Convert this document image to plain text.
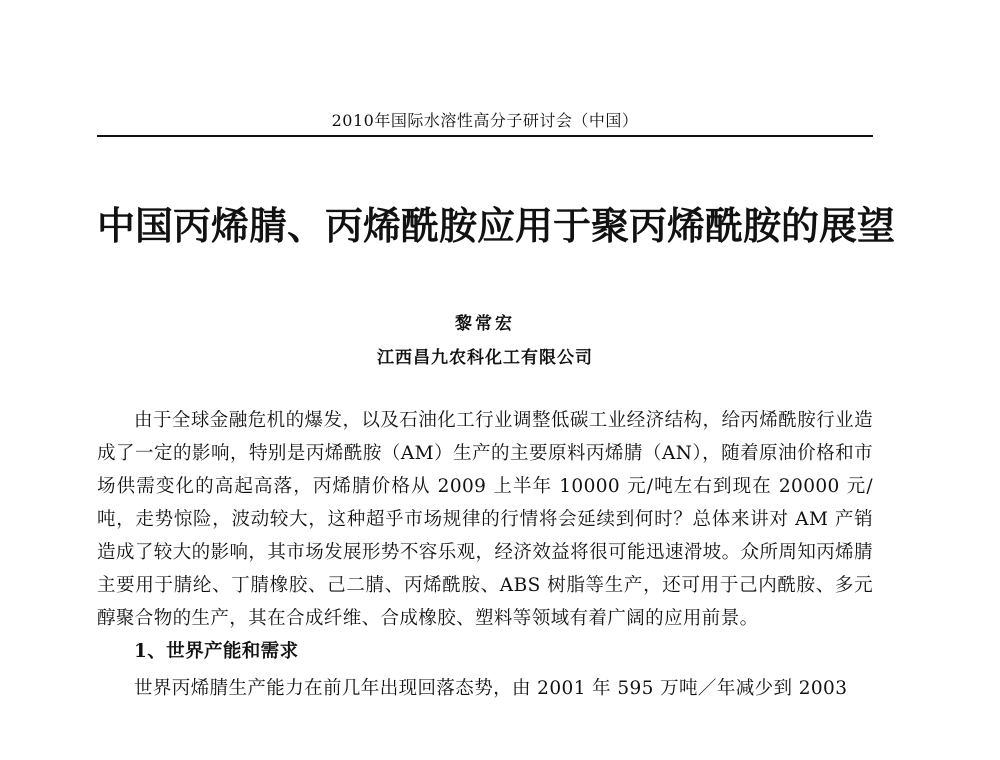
2010年国际水溶性高分子研讨会（中国）
中国丙烯腈、丙烯酰胺应用于聚丙烯酰胺的展望
黎常宏
江西昌九农科化工有限公司

由于全球金融危机的爆发，以及石油化工行业调整低碳工业经济结构，给丙烯酰胺行业造成了一定的影响，特别是丙烯酰胺（AM）生产的主要原料丙烯腈（AN），随着原油价格和市场供需变化的高起高落，丙烯腈价格从 2009 上半年 10000 元/吨左右到现在 20000 元/吨，走势惊险，波动较大，这种超乎市场规律的行情将会延续到何时？总体来讲对 AM 产销造成了较大的影响，其市场发展形势不容乐观，经济效益将很可能迅速滑坡。众所周知丙烯腈主要用于腈纶、丁腈橡胶、己二腈、丙烯酰胺、ABS 树脂等生产，还可用于己内酰胺、多元醇聚合物的生产，其在合成纤维、合成橡胶、塑料等领域有着广阔的应用前景。

1、世界产能和需求

世界丙烯腈生产能力在前几年出现回落态势，由 2001 年 595 万吨／年减少到 2003
